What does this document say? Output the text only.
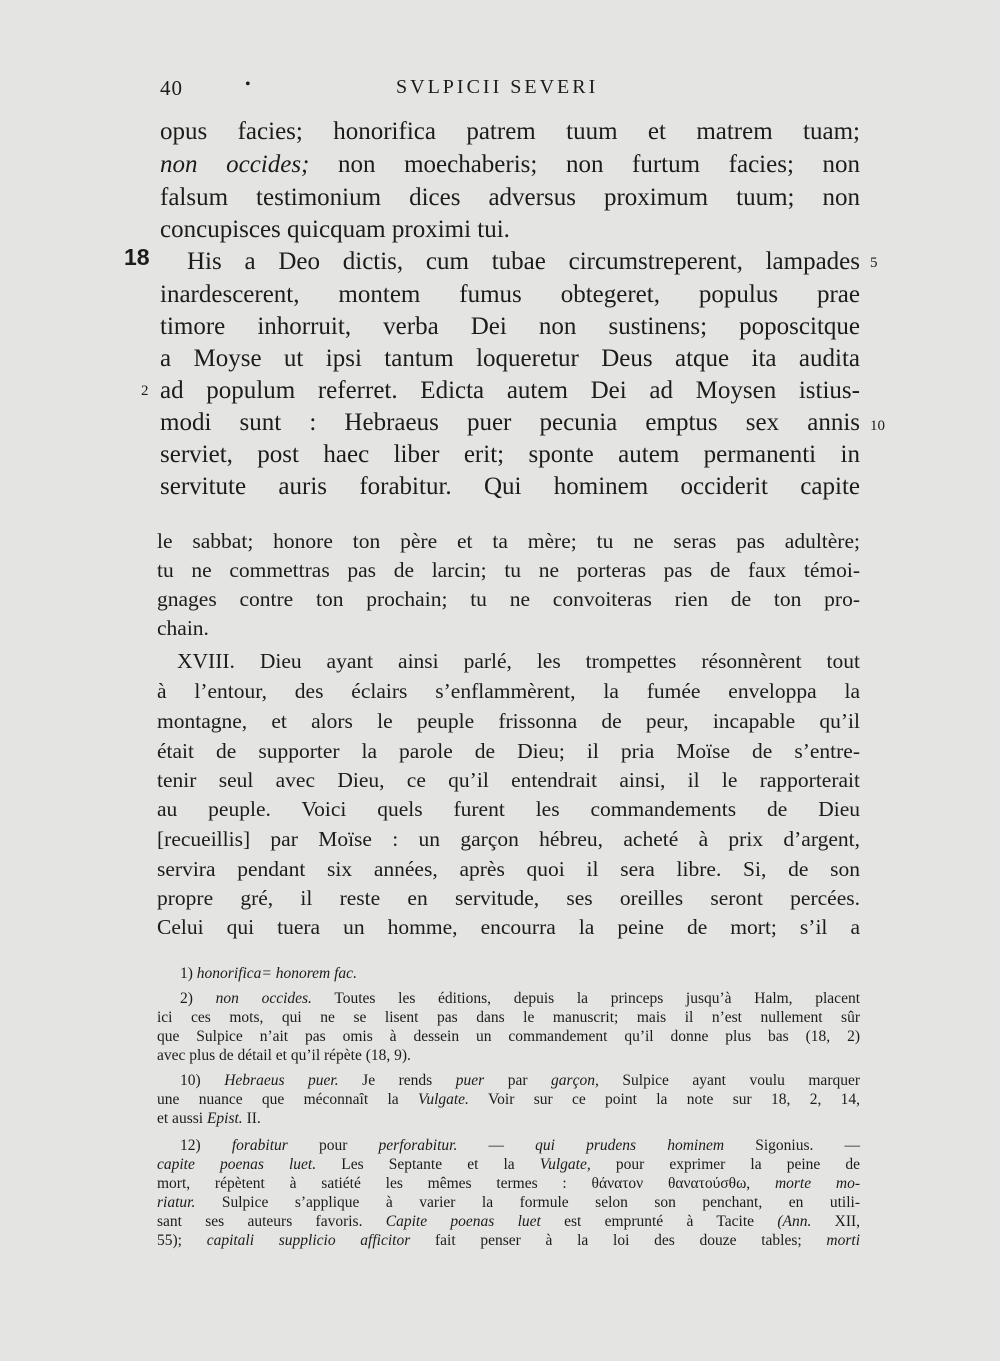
40	•	SVLPICII SEVERI
opus facies; honorifica patrem tuum et matrem tuam;
non occides; non moechaberis; non furtum facies; non
falsum testimonium dices adversus proximum tuum; non
concupisces quicquam proximi tui.
18 His a Deo dictis, cum tubae circumstreperent, lampades 5
inardescerent, montem fumus obtegeret, populus prae
timore inhorruit, verba Dei non sustinens; poposcitque
a Moyse ut ipsi tantum loqueretur Deus atque ita audita
2 ad populum referret. Edicta autem Dei ad Moysen istius-
modi sunt : Hebraeus puer pecunia emptus sex annis 10
serviet, post haec liber erit; sponte autem permanenti in
servitute auris forabitur. Qui hominem occiderit capite
le sabbat; honore ton père et ta mère; tu ne seras pas adultère;
tu ne commettras pas de larcin; tu ne porteras pas de faux témoi-
gnages contre ton prochain; tu ne convoiteras rien de ton pro-
chain.
XVIII. Dieu ayant ainsi parlé, les trompettes résonnèrent tout
à l’entour, des éclairs s’enflammèrent, la fumée enveloppa la
montagne, et alors le peuple frissonna de peur, incapable qu’il
était de supporter la parole de Dieu; il pria Moïse de s’entre-
tenir seul avec Dieu, ce qu’il entendrait ainsi, il le rapporterait
au peuple. Voici quels furent les commandements de Dieu
[recueillis] par Moïse : un garçon hébreu, acheté à prix d’argent,
servira pendant six années, après quoi il sera libre. Si, de son
propre gré, il reste en servitude, ses oreilles seront percées.
Celui qui tuera un homme, encourra la peine de mort; s’il a
1) honorifica= honorem fac.
2) non occides. Toutes les éditions, depuis la princeps jusqu’à Halm, placent
ici ces mots, qui ne se lisent pas dans le manuscrit; mais il n’est nullement sûr
que Sulpice n’ait pas omis à dessein un commandement qu’il donne plus bas (18, 2)
avec plus de détail et qu’il répète (18, 9).
10) Hebraeus puer. Je rends puer par garçon, Sulpice ayant voulu marquer
une nuance que méconnaît la Vulgate. Voir sur ce point la note sur 18, 2, 14,
et aussi Epist. II.
12) forabitur pour perforabitur. — qui prudens hominem Sigonius. —
capite poenas luet. Les Septante et la Vulgate, pour exprimer la peine de
mort, répètent à satiété les mêmes termes : θάνατον θανατούσθω, morte mo-
riatur. Sulpice s’applique à varier la formule selon son penchant, en utili-
sant ses auteurs favoris. Capite poenas luet est emprunté à Tacite (Ann. XII,
55); capitali supplicio afficitor fait penser à la loi des douze tables; morti
